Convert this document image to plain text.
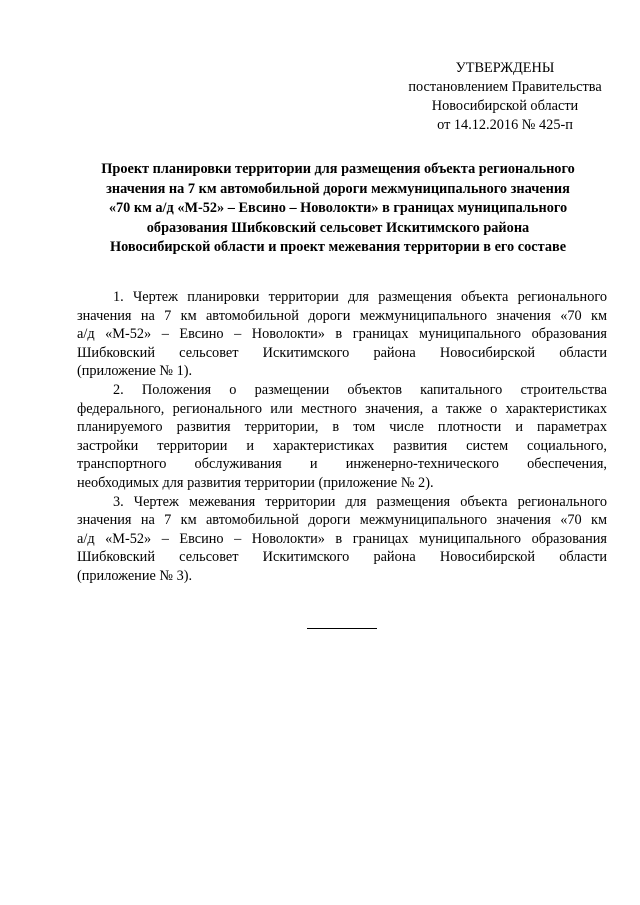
УТВЕРЖДЕНЫ
постановлением Правительства
Новосибирской области
от 14.12.2016 № 425-п
Проект планировки территории для размещения объекта регионального
значения на 7 км автомобильной дороги межмуниципального значения
«70 км а/д «М-52» – Евсино – Новолокти» в границах муниципального
образования Шибковский сельсовет Искитимского района
Новосибирской области и проект межевания территории в его составе
1. Чертеж планировки территории для размещения объекта регионального
значения на 7 км автомобильной дороги межмуниципального значения «70 км
а/д «М-52» – Евсино – Новолокти» в границах муниципального образования
Шибковский сельсовет Искитимского района Новосибирской области
(приложение № 1).
2. Положения о размещении объектов капитального строительства
федерального, регионального или местного значения, а также о характеристиках
планируемого развития территории, в том числе плотности и параметрах
застройки территории и характеристиках развития систем социального,
транспортного обслуживания и инженерно-технического обеспечения,
необходимых для развития территории (приложение № 2).
3. Чертеж межевания территории для размещения объекта регионального
значения на 7 км автомобильной дороги межмуниципального значения «70 км
а/д «М-52» – Евсино – Новолокти» в границах муниципального образования
Шибковский сельсовет Искитимского района Новосибирской области
(приложение № 3).
